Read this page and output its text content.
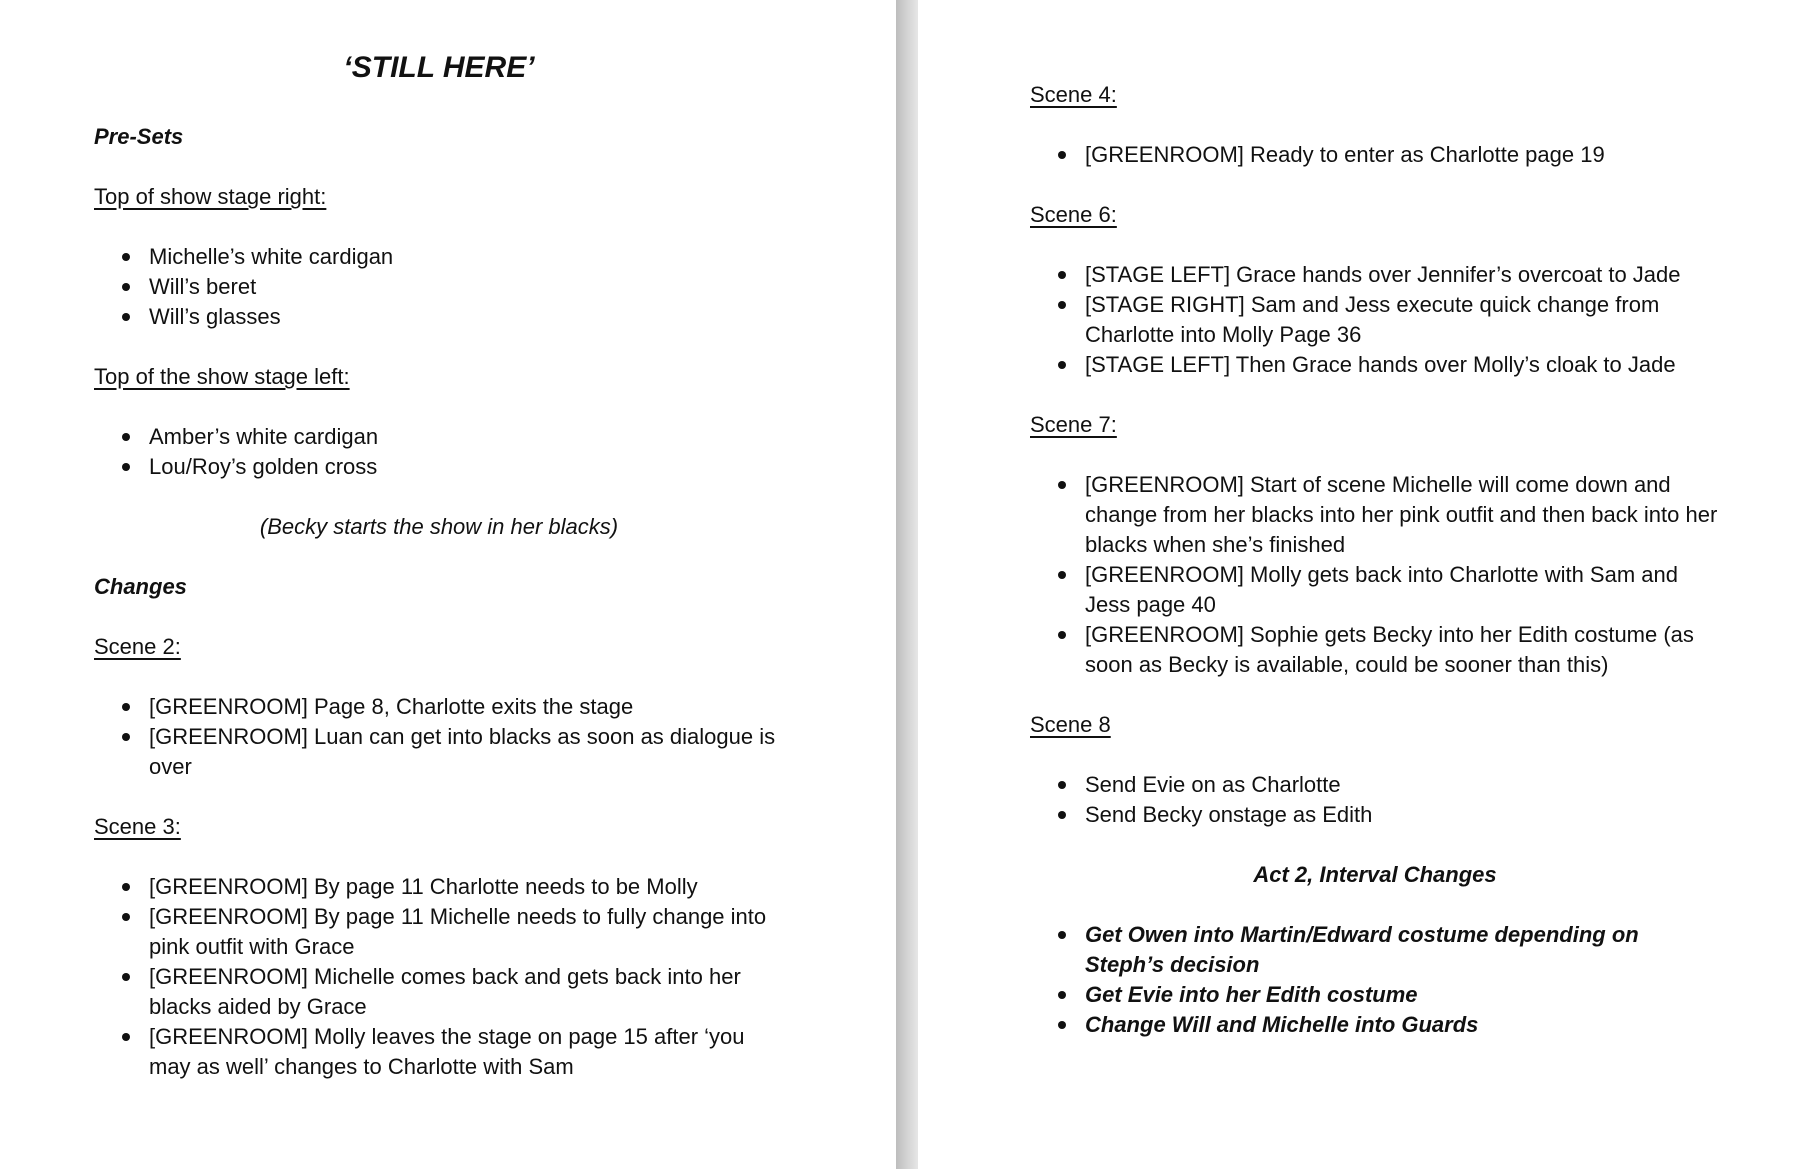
‘STILL HERE’
Pre-Sets
Top of show stage right:
Michelle’s white cardigan
Will’s beret
Will’s glasses
Top of the show stage left:
Amber’s white cardigan
Lou/Roy’s golden cross
(Becky starts the show in her blacks)
Changes
Scene 2:
[GREENROOM] Page 8, Charlotte exits the stage
[GREENROOM] Luan can get into blacks as soon as dialogue is over
Scene 3:
[GREENROOM] By page 11 Charlotte needs to be Molly
[GREENROOM] By page 11 Michelle needs to fully change into pink outfit with Grace
[GREENROOM] Michelle comes back and gets back into her blacks aided by Grace
[GREENROOM] Molly leaves the stage on page 15 after ‘you may as well’ changes to Charlotte with Sam
Scene 4:
[GREENROOM] Ready to enter as Charlotte page 19
Scene 6:
[STAGE LEFT] Grace hands over Jennifer’s overcoat to Jade
[STAGE RIGHT] Sam and Jess execute quick change from Charlotte into Molly Page 36
[STAGE LEFT] Then Grace hands over Molly’s cloak to Jade
Scene 7:
[GREENROOM] Start of scene Michelle will come down and change from her blacks into her pink outfit and then back into her blacks when she’s finished
[GREENROOM] Molly gets back into Charlotte with Sam and Jess page 40
[GREENROOM] Sophie gets Becky into her Edith costume (as soon as Becky is available, could be sooner than this)
Scene 8
Send Evie on as Charlotte
Send Becky onstage as Edith
Act 2, Interval Changes
Get Owen into Martin/Edward costume depending on Steph’s decision
Get Evie into her Edith costume
Change Will and Michelle into Guards
